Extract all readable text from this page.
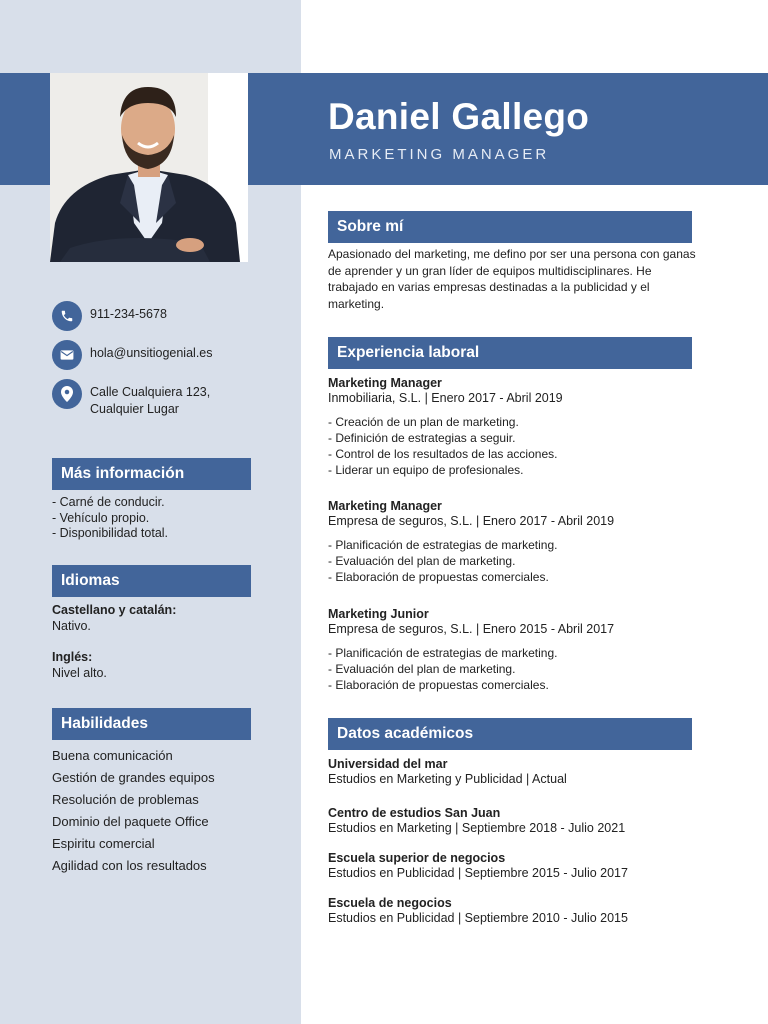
Daniel Gallego
MARKETING MANAGER
911-234-5678
hola@unsitiogenial.es
Calle Cualquiera 123,
Cualquier Lugar
Más información
- Carné de conducir.
- Vehículo propio.
- Disponibilidad total.
Idiomas
Castellano y catalán:
Nativo.
Inglés:
Nivel alto.
Habilidades
Buena comunicación
Gestión de grandes equipos
Resolución de problemas
Dominio del paquete Office
Espiritu comercial
Agilidad con los resultados
Sobre mí
Apasionado del marketing, me defino por ser una persona con ganas de aprender y un gran líder de equipos multidisciplinares. He trabajado en varias empresas destinadas a la publicidad y el marketing.
Experiencia laboral
Marketing Manager
Inmobiliaria, S.L. | Enero 2017 - Abril 2019
- Creación de un plan de marketing.
- Definición de estrategias a seguir.
- Control de los resultados de las acciones.
- Liderar un equipo de profesionales.
Marketing Manager
Empresa de seguros, S.L. | Enero 2017 - Abril 2019
- Planificación de estrategias de marketing.
- Evaluación del plan de marketing.
- Elaboración de propuestas comerciales.
Marketing Junior
Empresa de seguros, S.L. | Enero 2015 - Abril 2017
- Planificación de estrategias de marketing.
- Evaluación del plan de marketing.
- Elaboración de propuestas comerciales.
Datos académicos
Universidad del mar
Estudios en Marketing y Publicidad | Actual
Centro de estudios San Juan
Estudios en Marketing | Septiembre 2018 - Julio 2021
Escuela superior de negocios
Estudios en Publicidad | Septiembre 2015 - Julio 2017
Escuela de negocios
Estudios en Publicidad | Septiembre 2010 - Julio 2015
